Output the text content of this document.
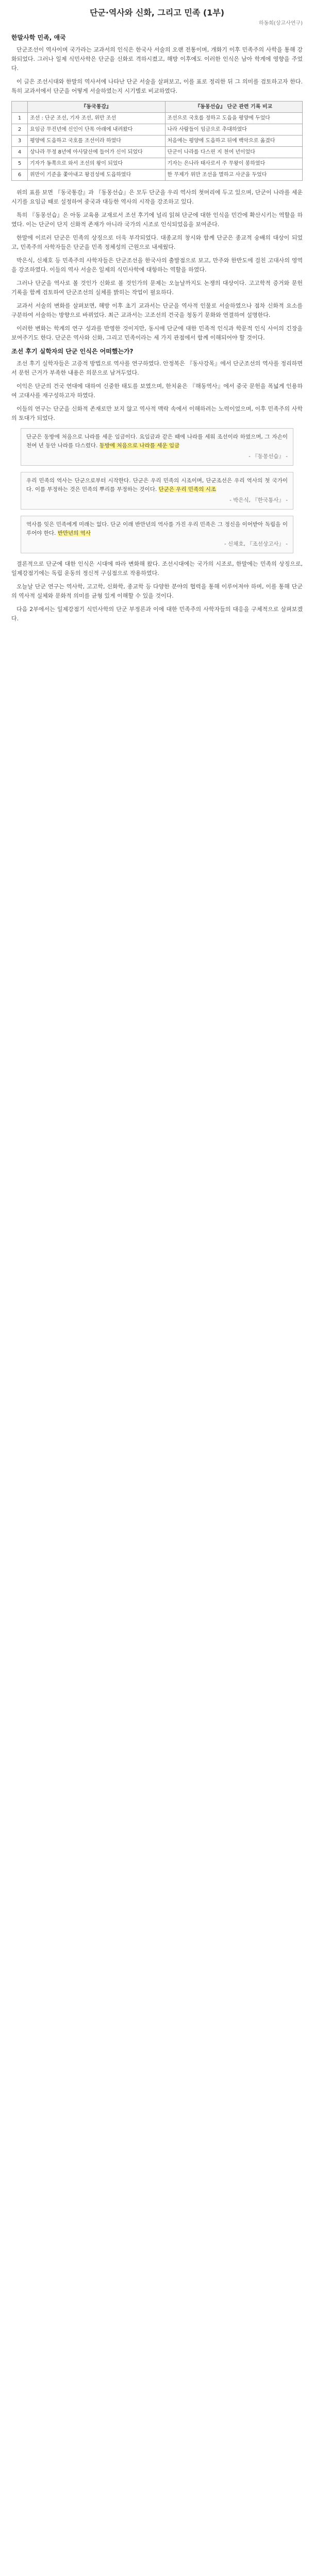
단군·역사와 신화, 그리고 민족 (1부)
하동희(상고사연구)
한말사학 민족, 애국

단군조선이 역사이며 국가라는 교과서의 인식은 한국사 서술의 오랜 전통이며, 개화기 이후 민족주의 사학을 통해 강화되었다. 그러나 일제 식민사학은 단군을 신화로 격하시켰고, 해방 이후에도 이러한 인식은 남아 학계에 영향을 주었다.

이 글은 조선시대와 한말의 역사서에 나타난 단군 서술을 살펴보고, 이를 표로 정리한 뒤 그 의미를 검토하고자 한다. 특히 교과서에서 단군을 어떻게 서술하였는지 시기별로 비교하였다.

	『동국통감』	『동몽선습』 단군 관련 기록 비교
1	조선 : 단군 조선, 기자 조선, 위만 조선	조선으로 국호를 정하고 도읍을 평양에 두었다
2	요임금 무진년에 신인이 단목 아래에 내려왔다	나라 사람들이 임금으로 추대하였다
3	평양에 도읍하고 국호를 조선이라 하였다	처음에는 평양에 도읍하고 뒤에 백악으로 옮겼다
4	상나라 무정 8년에 아사달산에 들어가 신이 되었다	단군이 나라를 다스린 지 천여 년이었다
5	기자가 동쪽으로 와서 조선의 왕이 되었다	기자는 은나라 태사로서 주 무왕이 봉하였다
6	위만이 기준을 쫓아내고 왕검성에 도읍하였다	한 무제가 위만 조선을 멸하고 사군을 두었다

위의 표를 보면 『동국통감』과 『동몽선습』은 모두 단군을 우리 역사의 첫머리에 두고 있으며, 단군이 나라를 세운 시기를 요임금 때로 설정하여 중국과 대등한 역사의 시작을 강조하고 있다.

특히 『동몽선습』은 아동 교육용 교재로서 조선 후기에 널리 읽혀 단군에 대한 인식을 민간에 확산시키는 역할을 하였다. 이는 단군이 단지 신화적 존재가 아니라 국가의 시조로 인식되었음을 보여준다.

한말에 이르러 단군은 민족의 상징으로 더욱 부각되었다. 대종교의 창시와 함께 단군은 종교적 숭배의 대상이 되었고, 민족주의 사학자들은 단군을 민족 정체성의 근원으로 내세웠다.

박은식, 신채호 등 민족주의 사학자들은 단군조선을 한국사의 출발점으로 보고, 만주와 한반도에 걸친 고대사의 영역을 강조하였다. 이들의 역사 서술은 일제의 식민사학에 대항하는 역할을 하였다.

그러나 단군을 역사로 볼 것인가 신화로 볼 것인가의 문제는 오늘날까지도 논쟁의 대상이다. 고고학적 증거와 문헌 기록을 함께 검토하여 단군조선의 실체를 밝히는 작업이 필요하다.

교과서 서술의 변화를 살펴보면, 해방 이후 초기 교과서는 단군을 역사적 인물로 서술하였으나 점차 신화적 요소를 구분하여 서술하는 방향으로 바뀌었다. 최근 교과서는 고조선의 건국을 청동기 문화와 연결하여 설명한다.

이러한 변화는 학계의 연구 성과를 반영한 것이지만, 동시에 단군에 대한 민족적 인식과 학문적 인식 사이의 긴장을 보여주기도 한다. 단군은 역사와 신화, 그리고 민족이라는 세 가지 관점에서 함께 이해되어야 할 것이다.

조선 후기 실학자의 단군 인식은 어떠했는가?

조선 후기 실학자들은 고증적 방법으로 역사를 연구하였다. 안정복은 『동사강목』에서 단군조선의 역사를 정리하면서 문헌 근거가 부족한 내용은 의문으로 남겨두었다.

이익은 단군의 건국 연대에 대하여 신중한 태도를 보였으며, 한치윤은 『해동역사』에서 중국 문헌을 폭넓게 인용하여 고대사를 재구성하고자 하였다.

이들의 연구는 단군을 신화적 존재로만 보지 않고 역사적 맥락 속에서 이해하려는 노력이었으며, 이후 민족주의 사학의 토대가 되었다.

단군은 동방에 처음으로 나라를 세운 임금이다. 요임금과 같은 때에 나라를 세워 조선이라 하였으며, 그 자손이 천여 년 동안 나라를 다스렸다. 동방에 처음으로 나라를 세운 임금
- 『동몽선습』 -
우리 민족의 역사는 단군으로부터 시작한다. 단군은 우리 민족의 시조이며, 단군조선은 우리 역사의 첫 국가이다. 이를 부정하는 것은 민족의 뿌리를 부정하는 것이다. 단군은 우리 민족의 시조
- 박은식, 『한국통사』 -
역사를 잊은 민족에게 미래는 없다. 단군 이래 반만년의 역사를 가진 우리 민족은 그 정신을 이어받아 독립을 이루어야 한다. 반만년의 역사
- 신채호, 『조선상고사』 -

결론적으로 단군에 대한 인식은 시대에 따라 변화해 왔다. 조선시대에는 국가의 시조로, 한말에는 민족의 상징으로, 일제강점기에는 독립 운동의 정신적 구심점으로 작용하였다.

오늘날 단군 연구는 역사학, 고고학, 신화학, 종교학 등 다양한 분야의 협력을 통해 이루어져야 하며, 이를 통해 단군의 역사적 실체와 문화적 의미를 균형 있게 이해할 수 있을 것이다.

다음 2부에서는 일제강점기 식민사학의 단군 부정론과 이에 대한 민족주의 사학자들의 대응을 구체적으로 살펴보겠다.
